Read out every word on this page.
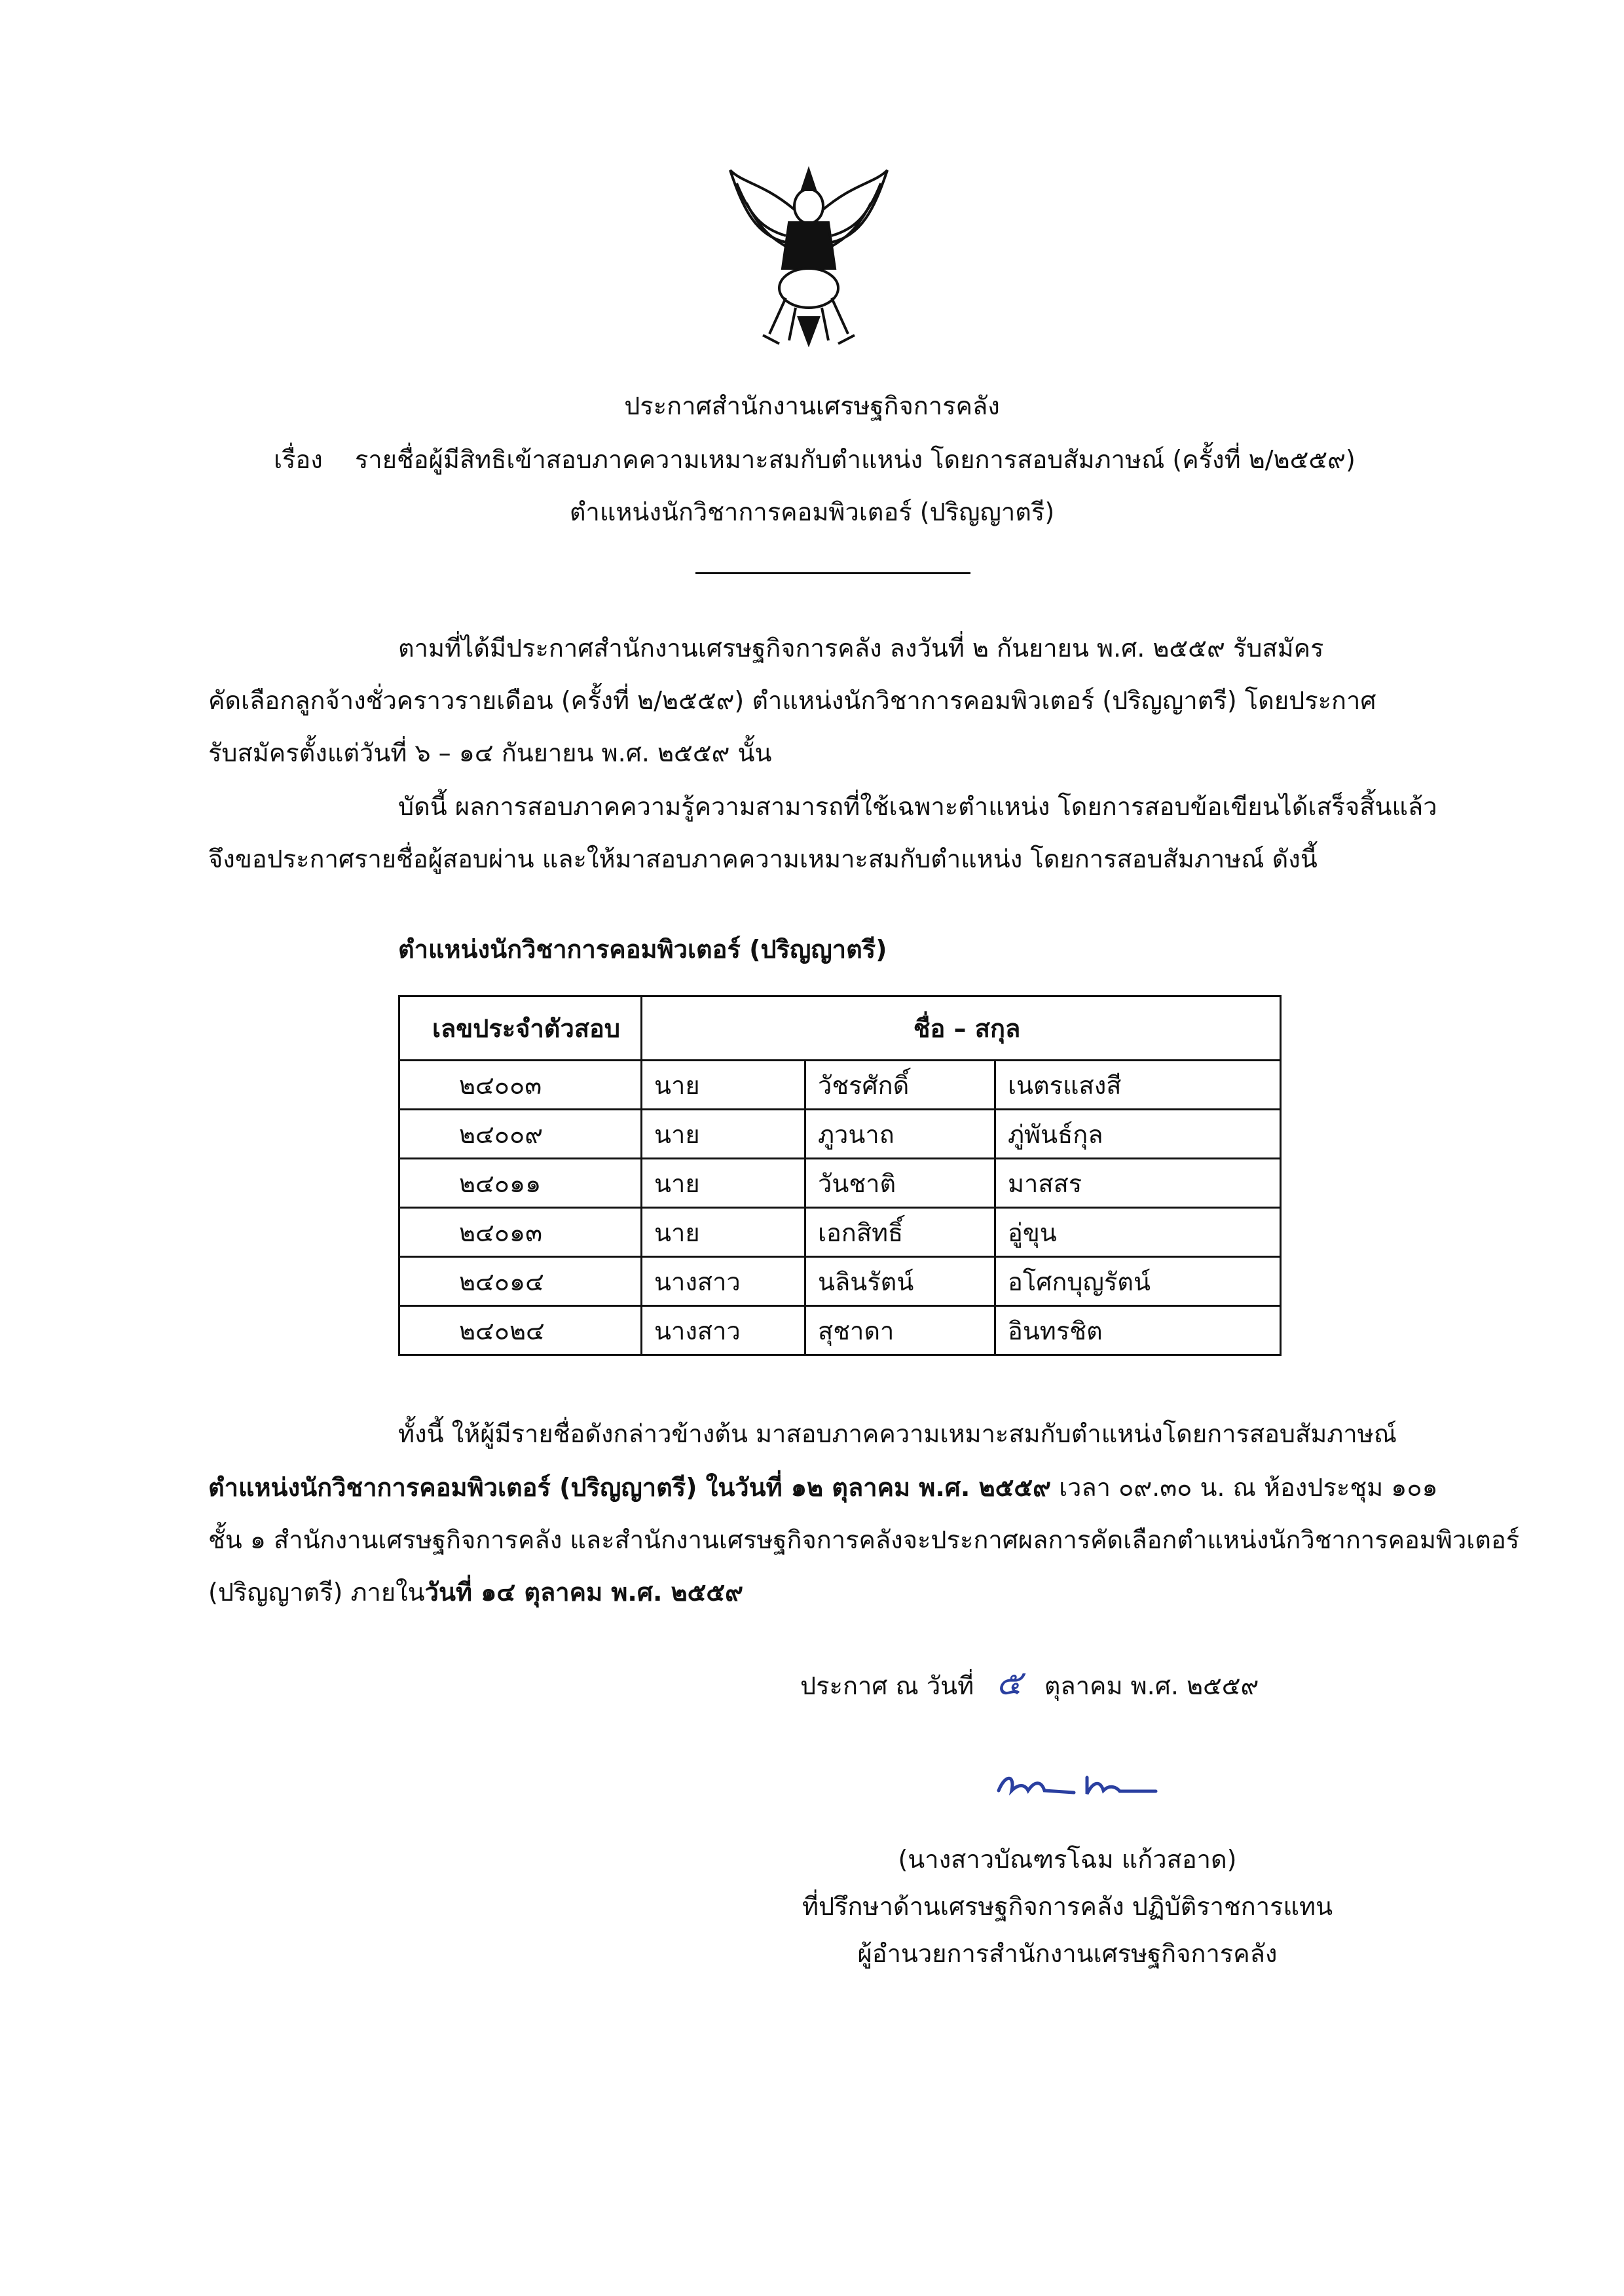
ประกาศสำนักงานเศรษฐกิจการคลัง
เรื่อง รายชื่อผู้มีสิทธิเข้าสอบภาคความเหมาะสมกับตำแหน่ง โดยการสอบสัมภาษณ์ (ครั้งที่ ๒/๒๕๕๙)
ตำแหน่งนักวิชาการคอมพิวเตอร์ (ปริญญาตรี)
ตามที่ได้มีประกาศสำนักงานเศรษฐกิจการคลัง ลงวันที่ ๒ กันยายน พ.ศ. ๒๕๕๙ รับสมัคร
คัดเลือกลูกจ้างชั่วคราวรายเดือน (ครั้งที่ ๒/๒๕๕๙) ตำแหน่งนักวิชาการคอมพิวเตอร์ (ปริญญาตรี) โดยประกาศ
รับสมัครตั้งแต่วันที่ ๖ – ๑๔ กันยายน พ.ศ. ๒๕๕๙ นั้น
บัดนี้ ผลการสอบภาคความรู้ความสามารถที่ใช้เฉพาะตำแหน่ง โดยการสอบข้อเขียนได้เสร็จสิ้นแล้ว
จึงขอประกาศรายชื่อผู้สอบผ่าน และให้มาสอบภาคความเหมาะสมกับตำแหน่ง โดยการสอบสัมภาษณ์ ดังนี้
ตำแหน่งนักวิชาการคอมพิวเตอร์ (ปริญญาตรี)
เลขประจำตัวสอบ	ชื่อ – สกุล		
๒๔๐๐๓	นาย	วัชรศักดิ์	เนตรแสงสี
๒๔๐๐๙	นาย	ภูวนาถ	ภู่พันธ์กุล
๒๔๐๑๑	นาย	วันชาติ	มาสสร
๒๔๐๑๓	นาย	เอกสิทธิ์	อู่ขุน
๒๔๐๑๔	นางสาว	นลินรัตน์	อโศกบุญรัตน์
๒๔๐๒๔	นางสาว	สุชาดา	อินทรชิต
ทั้งนี้ ให้ผู้มีรายชื่อดังกล่าวข้างต้น มาสอบภาคความเหมาะสมกับตำแหน่งโดยการสอบสัมภาษณ์
ตำแหน่งนักวิชาการคอมพิวเตอร์ (ปริญญาตรี) ในวันที่ ๑๒ ตุลาคม พ.ศ. ๒๕๕๙ เวลา ๐๙.๓๐ น. ณ ห้องประชุม ๑๐๑
ชั้น ๑ สำนักงานเศรษฐกิจการคลัง และสำนักงานเศรษฐกิจการคลังจะประกาศผลการคัดเลือกตำแหน่งนักวิชาการคอมพิวเตอร์
(ปริญญาตรี) ภายในวันที่ ๑๔ ตุลาคม พ.ศ. ๒๕๕๙
ประกาศ ณ วันที่ ๕ ตุลาคม พ.ศ. ๒๕๕๙
(นางสาวบัณฑรโฉม แก้วสอาด)
ที่ปรึกษาด้านเศรษฐกิจการคลัง ปฏิบัติราชการแทน
ผู้อำนวยการสำนักงานเศรษฐกิจการคลัง
